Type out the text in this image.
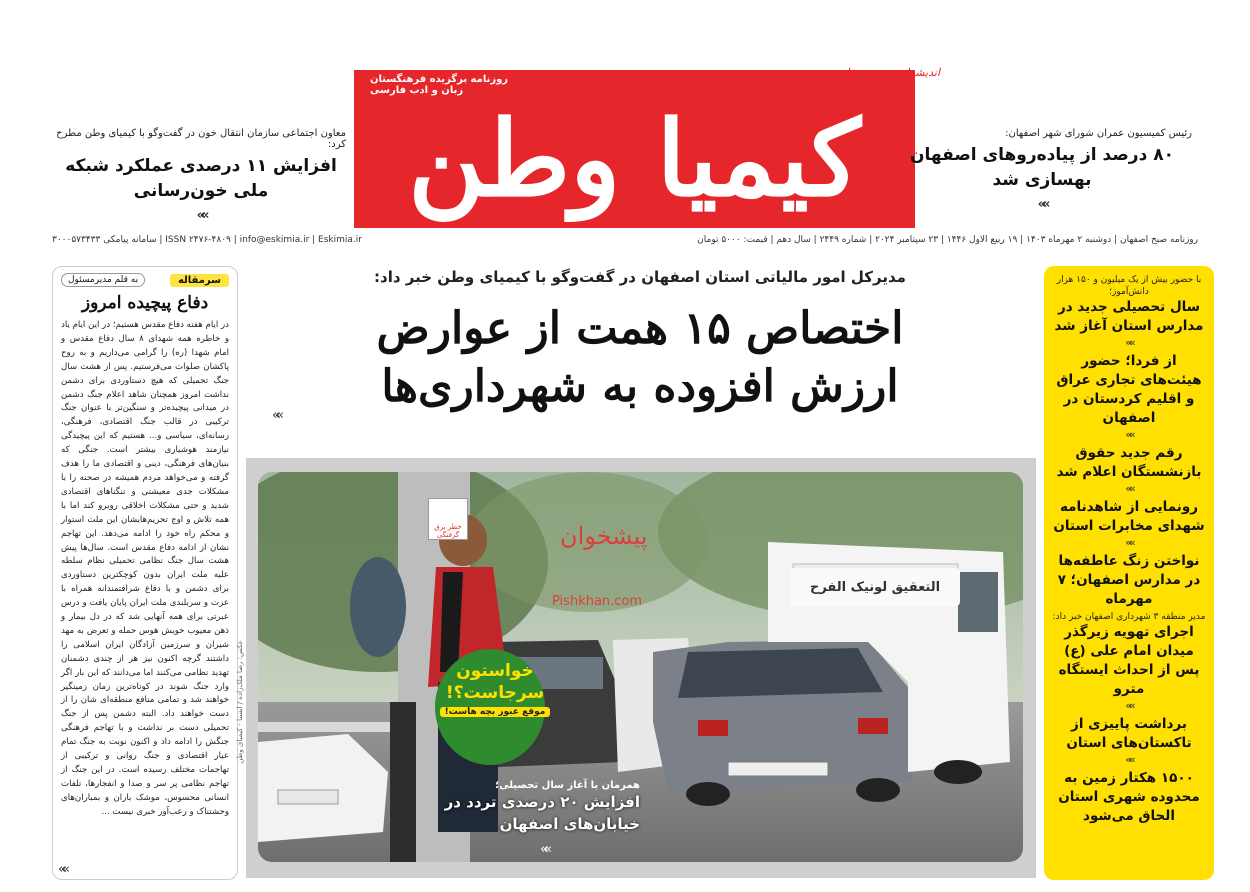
کیمیا وطن
روزنامه برگزیده فرهنگستان زبان و ادب فارسی
اندیشه‌ای وسعت وطن
رئیس کمیسیون عمران شورای شهر اصفهان:
۸۰ درصد از پیاده‌روهای اصفهان بهسازی شد
»»
معاون اجتماعی سازمان انتقال خون در گفت‌وگو با کیمیای وطن مطرح کرد:
افزایش ۱۱ درصدی عملکرد شبکه ملی خون‌رسانی
»»
روزنامه صبح اصفهان | دوشنبه ۲ مهرماه ۱۴۰۳ | ۱۹ ربیع الاول ۱۴۴۶ | ۲۳ سپتامبر ۲۰۲۴ | شماره ۲۴۴۹ | سال دهم | قیمت: ۵۰۰۰ تومان
ISSN ۲۴۷۶-۴۸۰۹ | info@eskimia.ir | Eskimia.ir | سامانه پیامکی ۳۰۰۰۵۷۳۴۳۳
سرمقاله
به قلم مدیرمسئول
دفاع پیچیده امروز
در ایام هفته دفاع مقدس هستیم؛ در این ایام یاد و خاطره همه شهدای ۸ سال دفاع مقدس و امام شهدا (ره) را گرامی می‌داریم و به روح پاکشان صلوات می‌فرستیم. پس از هشت سال جنگ تحمیلی که هیچ دستاوردی برای دشمن نداشت امروز همچنان شاهد اعلام جنگ دشمن در میدانی پیچیده‌تر و سنگین‌تر با عنوان جنگ ترکیبی در قالب جنگ اقتصادی، فرهنگی، رسانه‌ای، سیاسی و... هستیم که این پیچیدگی نیازمند هوشیاری بیشتر است. جنگی که بنیان‌های فرهنگی، دینی و اقتصادی ما را هدف گرفته و می‌خواهد مردم همیشه در صحنه را با مشکلات جدی معیشتی و تنگناهای اقتصادی شدید و حتی مشکلات اخلاقی روبرو کند اما با همه تلاش و اوج تحریم‌هایشان این ملت استوار و محکم راه خود را ادامه می‌دهد. این تهاجم نشان از ادامه دفاع مقدس است. سال‌ها پیش هشت سال جنگ نظامی تحمیلی نظام سلطه علیه ملت ایران بدون کوچکترین دستاوردی برای دشمن و با دفاع شرافتمندانه همراه با عزت و سربلندی ملت ایران پایان یافت و درس عبرتی برای همه آنهایی شد که در دل بیمار و ذهن معیوب خویش هوس حمله و تعرض به مهد شیران و سرزمین آزادگان ایران اسلامی را داشتند گرچه اکنون نیز هر از چندی دشمنان تهدید نظامی می‌کنند اما می‌دانند که این بار اگر وارد جنگ شوند در کوتاه‌ترین زمان زمینگیر خواهند شد و تمامی منافع منطقه‌ای شان را از دست خواهند داد. البته دشمن پس از جنگ تحمیلی دست بر نداشت و با تهاجم فرهنگی جنگش را ادامه داد و اکنون نوبت به جنگ تمام عیار اقتصادی و جنگ روانی و ترکیبی از تهاجمات مختلف رسیده است. در این جنگ از تهاجم نظامی پر سر و صدا و انفجارها، تلفات انسانی محسوس، موشک باران و بمباران‌های وحشتناک و رعب‌آور خبری نیست ...
»»
مدیرکل امور مالیاتی استان اصفهان در گفت‌وگو با کیمیای وطن خبر داد:
اختصاص ۱۵ همت از عوارض
ارزش افزوده به شهرداری‌ها
»»
التعقیق لونیک الفرح
خطر برق گرفتگی
خواستون سرجاست؟!
موقع عبور بچه هاست!
پیشخوان
Pishkhan.com
عکس: رضا ملک‌زاده / ایسنا - کیمیای وطن
همزمان با آغاز سال تحصیلی؛
افزایش ۲۰ درصدی تردد در خیابان‌های اصفهان
»»
با حضور بیش از یک میلیون و ۱۵۰ هزار دانش‌آموز؛
سال تحصیلی جدید در مدارس استان آغاز شد
»»
از فردا؛ حضور هیئت‌های تجاری عراق و اقلیم کردستان در اصفهان
»»
رقم جدید حقوق بازنشستگان اعلام شد
»»
رونمایی از شاهدنامه شهدای مخابرات استان
»»
نواختن زنگ عاطفه‌ها در مدارس اصفهان؛ ۷ مهرماه
مدیر منطقه ۳ شهرداری اصفهان خبر داد:
اجرای تهویه زیرگذر میدان امام علی (ع) پس از احداث ایستگاه مترو
»»
برداشت پاییزی از تاکستان‌های استان
»»
۱۵۰۰ هکتار زمین به محدوده شهری استان الحاق می‌شود
